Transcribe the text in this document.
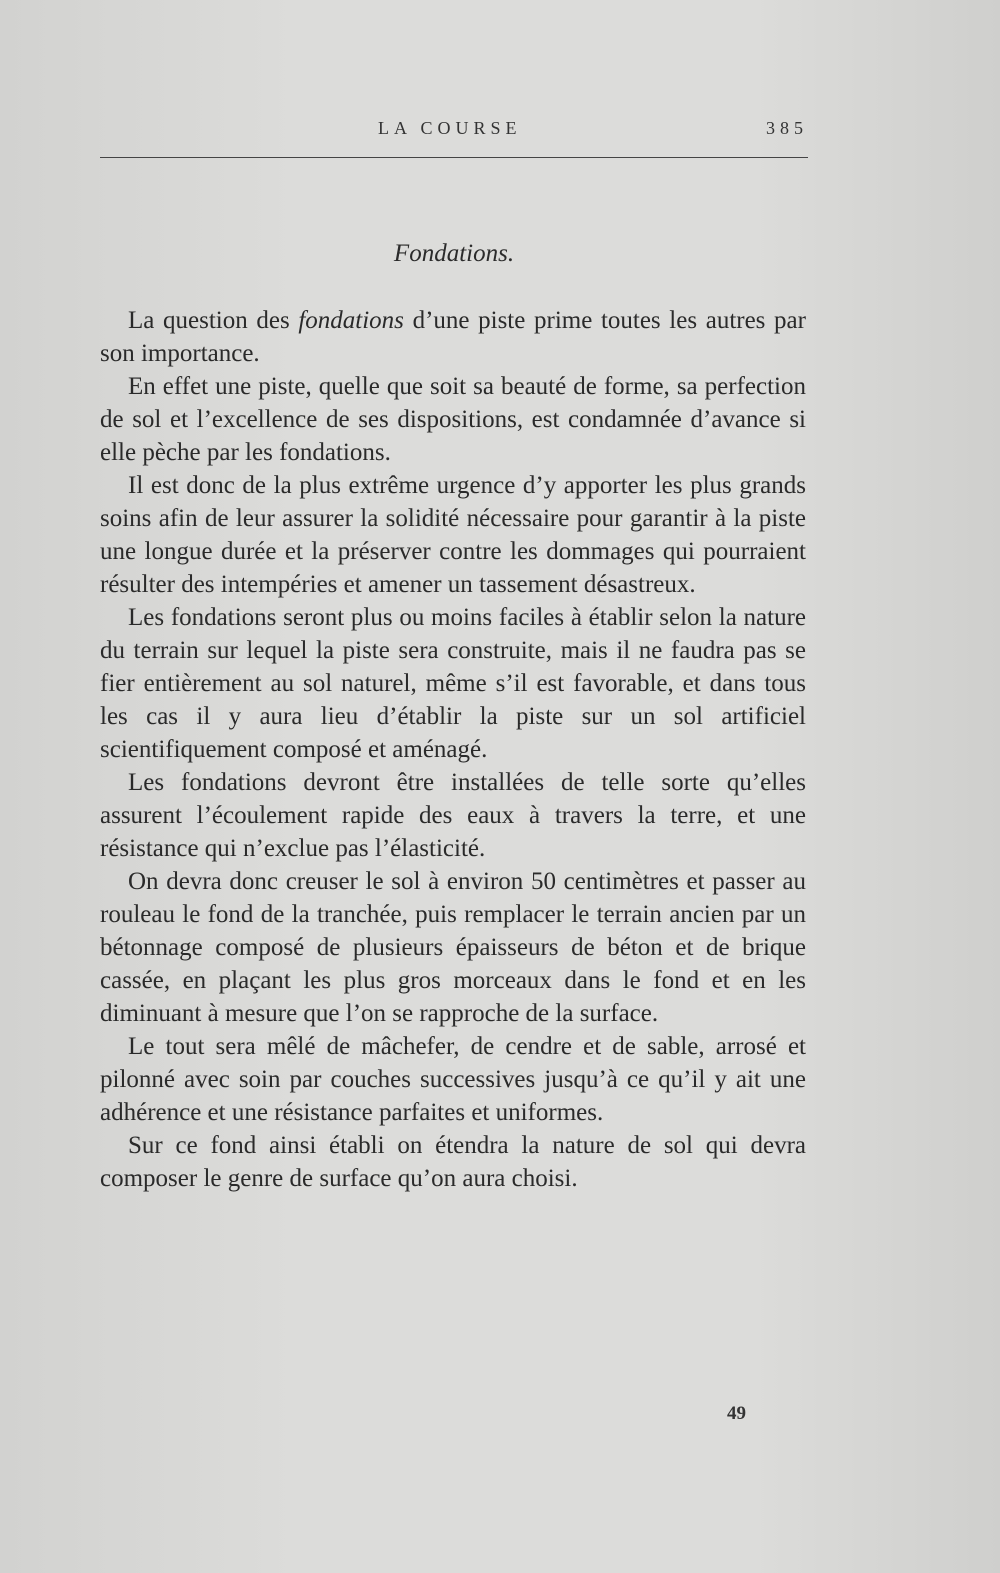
LA COURSE	385
Fondations.

La question des fondations d’une piste prime toutes les autres par son importance.

En effet une piste, quelle que soit sa beauté de forme, sa perfection de sol et l’excellence de ses dispositions, est condamnée d’avance si elle pèche par les fondations.

Il est donc de la plus extrême urgence d’y apporter les plus grands soins afin de leur assurer la solidité nécessaire pour garantir à la piste une longue durée et la préserver contre les dommages qui pourraient résulter des intempéries et amener un tassement désastreux.

Les fondations seront plus ou moins faciles à établir selon la nature du terrain sur lequel la piste sera construite, mais il ne faudra pas se fier entièrement au sol naturel, même s’il est favorable, et dans tous les cas il y aura lieu d’établir la piste sur un sol artificiel scientifiquement composé et aménagé.

Les fondations devront être installées de telle sorte qu’elles assurent l’écoulement rapide des eaux à travers la terre, et une résistance qui n’exclue pas l’élasticité.

On devra donc creuser le sol à environ 50 centimètres et passer au rouleau le fond de la tranchée, puis remplacer le terrain ancien par un bétonnage composé de plusieurs épaisseurs de béton et de brique cassée, en plaçant les plus gros morceaux dans le fond et en les diminuant à mesure que l’on se rapproche de la surface.

Le tout sera mêlé de mâchefer, de cendre et de sable, arrosé et pilonné avec soin par couches successives jusqu’à ce qu’il y ait une adhérence et une résistance parfaites et uniformes.

Sur ce fond ainsi établi on étendra la nature de sol qui devra composer le genre de surface qu’on aura choisi.

49
